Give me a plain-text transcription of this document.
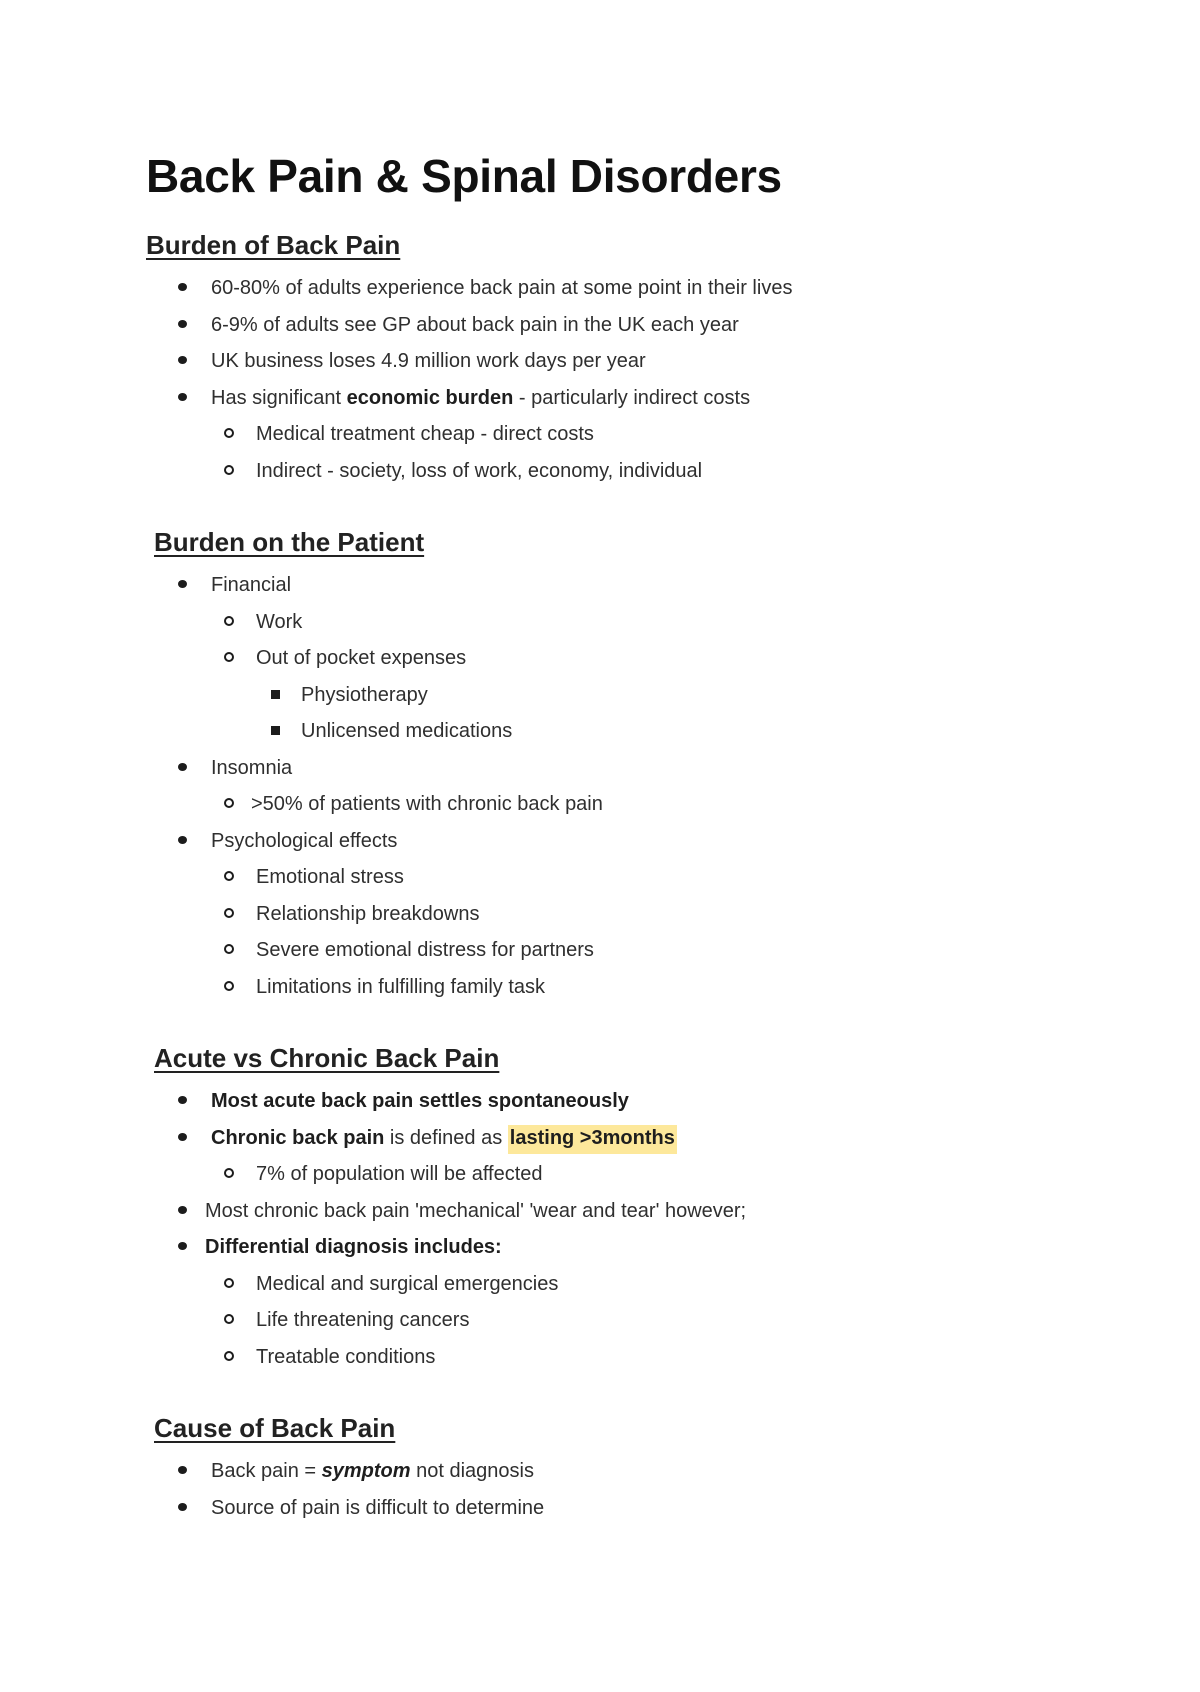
Back Pain & Spinal Disorders
Burden of Back Pain
60-80% of adults experience back pain at some point in their lives
6-9% of adults see GP about back pain in the UK each year
UK business loses 4.9 million work days per year
Has significant economic burden - particularly indirect costs
Medical treatment cheap - direct costs
Indirect - society, loss of work, economy, individual
Burden on the Patient
Financial
Work
Out of pocket expenses
Physiotherapy
Unlicensed medications
Insomnia
>50% of patients with chronic back pain
Psychological effects
Emotional stress
Relationship breakdowns
Severe emotional distress for partners
Limitations in fulfilling family task
Acute vs Chronic Back Pain
Most acute back pain settles spontaneously
Chronic back pain is defined as lasting >3months
7% of population will be affected
Most chronic back pain 'mechanical' 'wear and tear' however;
Differential diagnosis includes:
Medical and surgical emergencies
Life threatening cancers
Treatable conditions
Cause of Back Pain
Back pain = symptom not diagnosis
Source of pain is difficult to determine
